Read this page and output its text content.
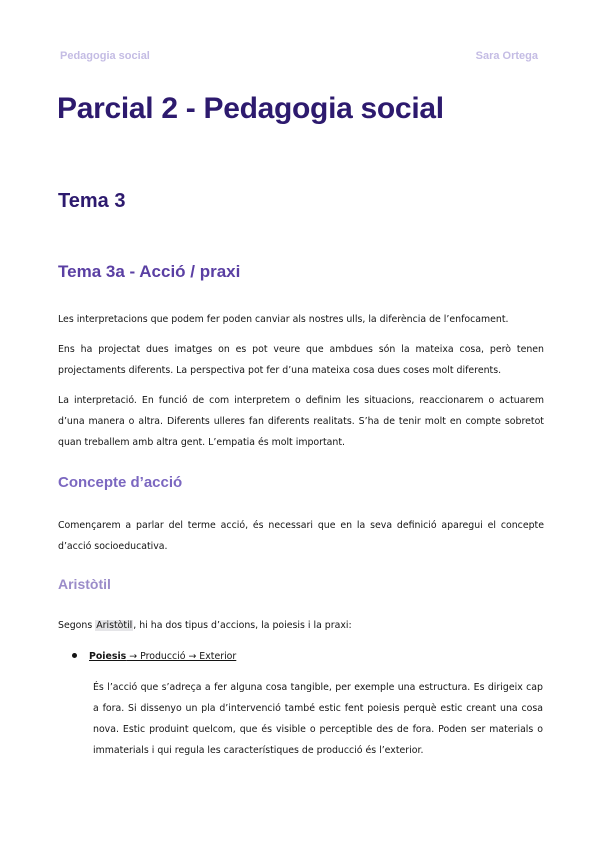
Pedagogia social	Sara Ortega
Parcial 2 - Pedagogia social
Tema 3
Tema 3a - Acció / praxi

Les interpretacions que podem fer poden canviar als nostres ulls, la diferència de l’enfocament.

Ens ha projectat dues imatges on es pot veure que ambdues són la mateixa cosa, però tenen projectaments diferents. La perspectiva pot fer d’una mateixa cosa dues coses molt diferents.

La interpretació. En funció de com interpretem o definim les situacions, reaccionarem o actuarem d’una manera o altra. Diferents ulleres fan diferents realitats. S’ha de tenir molt en compte sobretot quan treballem amb altra gent. L’empatia és molt important.

Concepte d’acció

Començarem a parlar del terme acció, és necessari que en la seva definició aparegui el concepte d’acció socioeducativa.

Aristòtil

Segons Aristòtil, hi ha dos tipus d’accions, la poiesis i la praxi:

Poiesis → Producció → Exterior

És l’acció que s’adreça a fer alguna cosa tangible, per exemple una estructura. Es dirigeix cap a fora. Si dissenyo un pla d’intervenció també estic fent poiesis perquè estic creant una cosa nova. Estic produint quelcom, que és visible o perceptible des de fora. Poden ser materials o immaterials i qui regula les característiques de producció és l’exterior.
